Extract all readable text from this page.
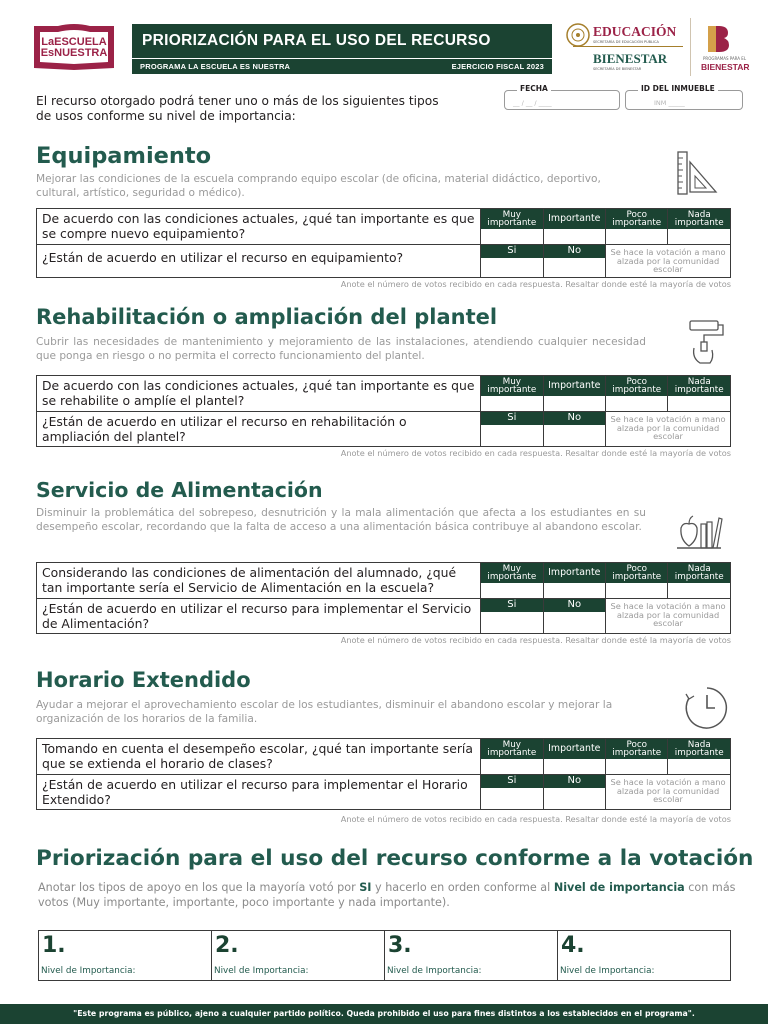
LaESCUELA
EsNUESTRA
PRIORIZACIÓN PARA EL USO DEL RECURSO
PROGRAMA LA ESCUELA ES NUESTRA	EJERCICIO FISCAL 2023
EDUCACIÓN
SECRETARÍA DE EDUCACIÓN PÚBLICA
BIENESTAR
SECRETARÍA DE BIENESTAR
PROGRAMAS PARA EL
BIENESTAR
El recurso otorgado podrá tener uno o más de los siguientes tipos de usos conforme su nivel de importancia:
FECHA
__ / __ / ____
ID DEL INMUEBLE
INM _____
Equipamiento
Mejorar las condiciones de la escuela comprando equipo escolar (de oficina, material didáctico, deportivo, cultural, artístico, seguridad o médico).
De acuerdo con las condiciones actuales, ¿qué tan importante es que se compre nuevo equipamiento?	Muy importante	Importante	Poco importante	Nada importante

¿Están de acuerdo en utilizar el recurso en equipamiento?	Si	No	Se hace la votación a mano alzada por la comunidad escolar	
Anote el número de votos recibido en cada respuesta. Resaltar donde esté la mayoría de votos
Rehabilitación o ampliación del plantel
Cubrir las necesidades de mantenimiento y mejoramiento de las instalaciones, atendiendo cualquier necesidad que ponga en riesgo o no permita el correcto funcionamiento del plantel.
De acuerdo con las condiciones actuales, ¿qué tan importante es que se rehabilite o amplíe el plantel?	Muy importante	Importante	Poco importante	Nada importante

¿Están de acuerdo en utilizar el recurso en rehabilitación o ampliación del plantel?	Si	No	Se hace la votación a mano alzada por la comunidad escolar	
Anote el número de votos recibido en cada respuesta. Resaltar donde esté la mayoría de votos
Servicio de Alimentación
Disminuir la problemática del sobrepeso, desnutrición y la mala alimentación que afecta a los estudiantes en su desempeño escolar, recordando que la falta de acceso a una alimentación básica contribuye al abandono escolar.
Considerando las condiciones de alimentación del alumnado, ¿qué tan importante sería el Servicio de Alimentación en la escuela?	Muy importante	Importante	Poco importante	Nada importante

¿Están de acuerdo en utilizar el recurso para implementar el Servicio de Alimentación?	Si	No	Se hace la votación a mano alzada por la comunidad escolar	
Anote el número de votos recibido en cada respuesta. Resaltar donde esté la mayoría de votos
Horario Extendido
Ayudar a mejorar el aprovechamiento escolar de los estudiantes, disminuir el abandono escolar y mejorar la organización de los horarios de la familia.
Tomando en cuenta el desempeño escolar, ¿qué tan importante sería que se extienda el horario de clases?	Muy importante	Importante	Poco importante	Nada importante

¿Están de acuerdo en utilizar el recurso para implementar el Horario Extendido?	Si	No	Se hace la votación a mano alzada por la comunidad escolar	
Anote el número de votos recibido en cada respuesta. Resaltar donde esté la mayoría de votos
Priorización para el uso del recurso conforme a la votación
Anotar los tipos de apoyo en los que la mayoría votó por SI y hacerlo en orden conforme al Nivel de importancia con más votos (Muy importante, importante, poco importante y nada importante).
1.
Nivel de Importancia:
2.
Nivel de Importancia:
3.
Nivel de Importancia:
4.
Nivel de Importancia:
"Este programa es público, ajeno a cualquier partido político. Queda prohibido el uso para fines distintos a los establecidos en el programa".
